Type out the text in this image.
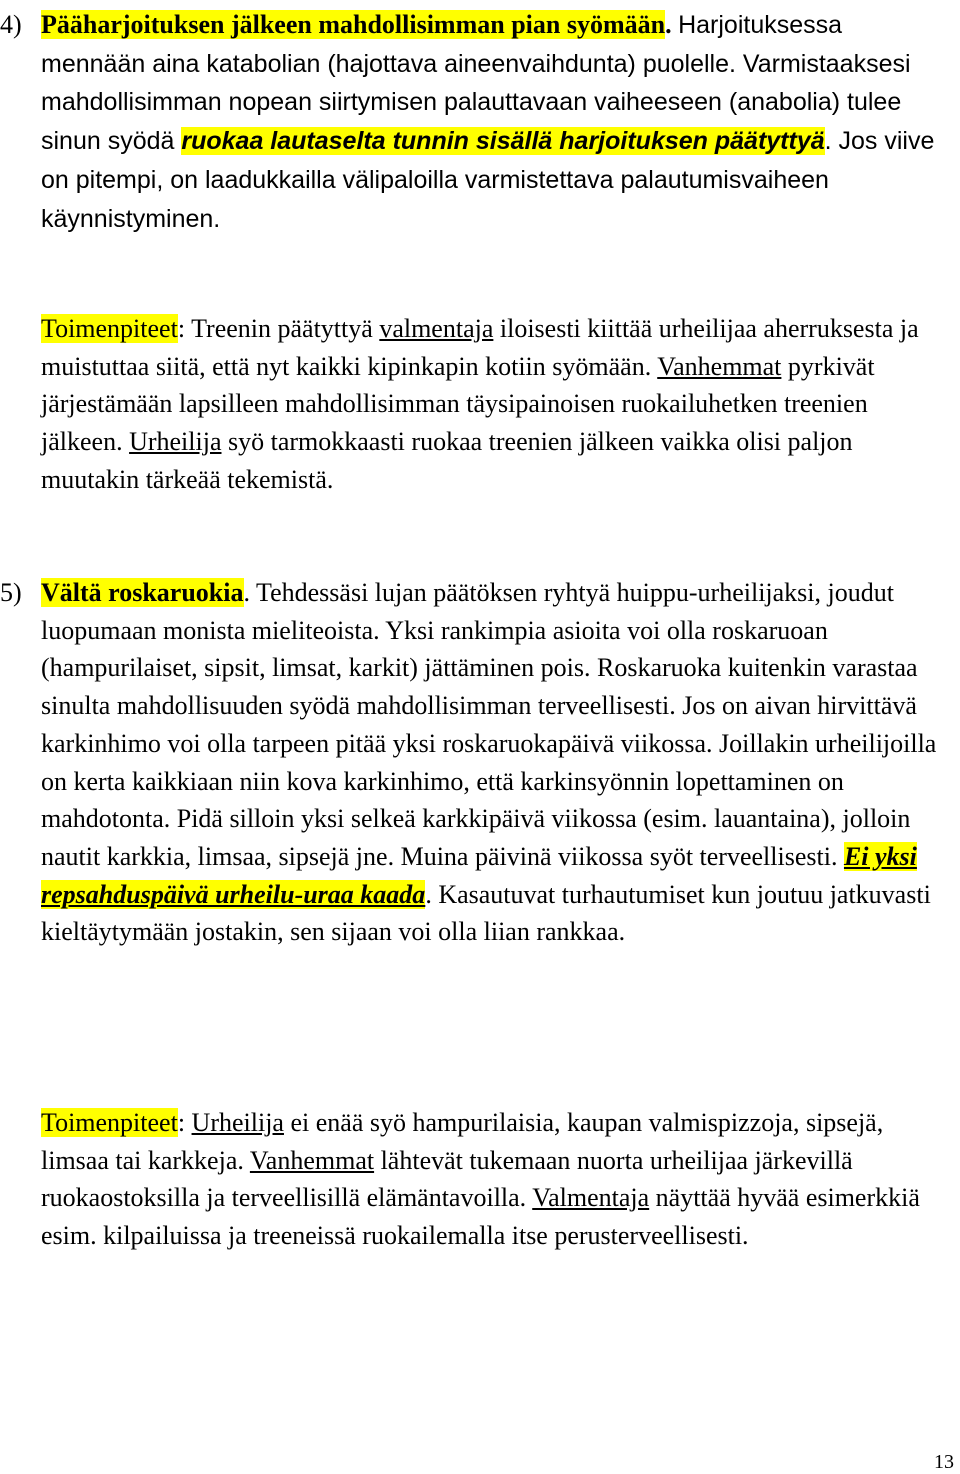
4) Pääharjoituksen jälkeen mahdollisimman pian syömään. Harjoituksessa mennään aina katabolian (hajottava aineenvaihdunta) puolelle. Varmistaaksesi mahdollisimman nopean siirtymisen palauttavaan vaiheeseen (anabolia) tulee sinun syödä ruokaa lautaselta tunnin sisällä harjoituksen päätyttyä. Jos viive on pitempi, on laadukkailla välipaloilla varmistettava palautumisvaiheen käynnistyminen.

Toimenpiteet: Treenin päätyttyä valmentaja iloisesti kiittää urheilijaa aherruksesta ja muistuttaa siitä, että nyt kaikki kipinkapin kotiin syömään. Vanhemmat pyrkivät järjestämään lapsilleen mahdollisimman täysipainoisen ruokailuhetken treenien jälkeen. Urheilija syö tarmokkaasti ruokaa treenien jälkeen vaikka olisi paljon muutakin tärkeää tekemistä.

5) Vältä roskaruokia. Tehdessäsi lujan päätöksen ryhtyä huippu-urheilijaksi, joudut luopumaan monista mieliteoista. Yksi rankimpia asioita voi olla roskaruoan (hampurilaiset, sipsit, limsat, karkit) jättäminen pois. Roskaruoka kuitenkin varastaa sinulta mahdollisuuden syödä mahdollisimman terveellisesti. Jos on aivan hirvittävä karkinhimo voi olla tarpeen pitää yksi roskaruokapäivä viikossa. Joillakin urheilijoilla on kerta kaikkiaan niin kova karkinhimo, että karkinsyönnin lopettaminen on mahdotonta. Pidä silloin yksi selkeä karkkipäivä viikossa (esim. lauantaina), jolloin nautit karkkia, limsaa, sipsejä jne. Muina päivinä viikossa syöt terveellisesti. Ei yksi repsahduspäivä urheilu-uraa kaada. Kasautuvat turhautumiset kun joutuu jatkuvasti kieltäytymään jostakin, sen sijaan voi olla liian rankkaa.

Toimenpiteet: Urheilija ei enää syö hampurilaisia, kaupan valmispizzoja, sipsejä, limsaa tai karkkeja. Vanhemmat lähtevät tukemaan nuorta urheilijaa järkevillä ruokaostoksilla ja terveellisillä elämäntavoilla. Valmentaja näyttää hyvää esimerkkiä esim. kilpailuissa ja treeneissä ruokailemalla itse perusterveellisesti.

13
